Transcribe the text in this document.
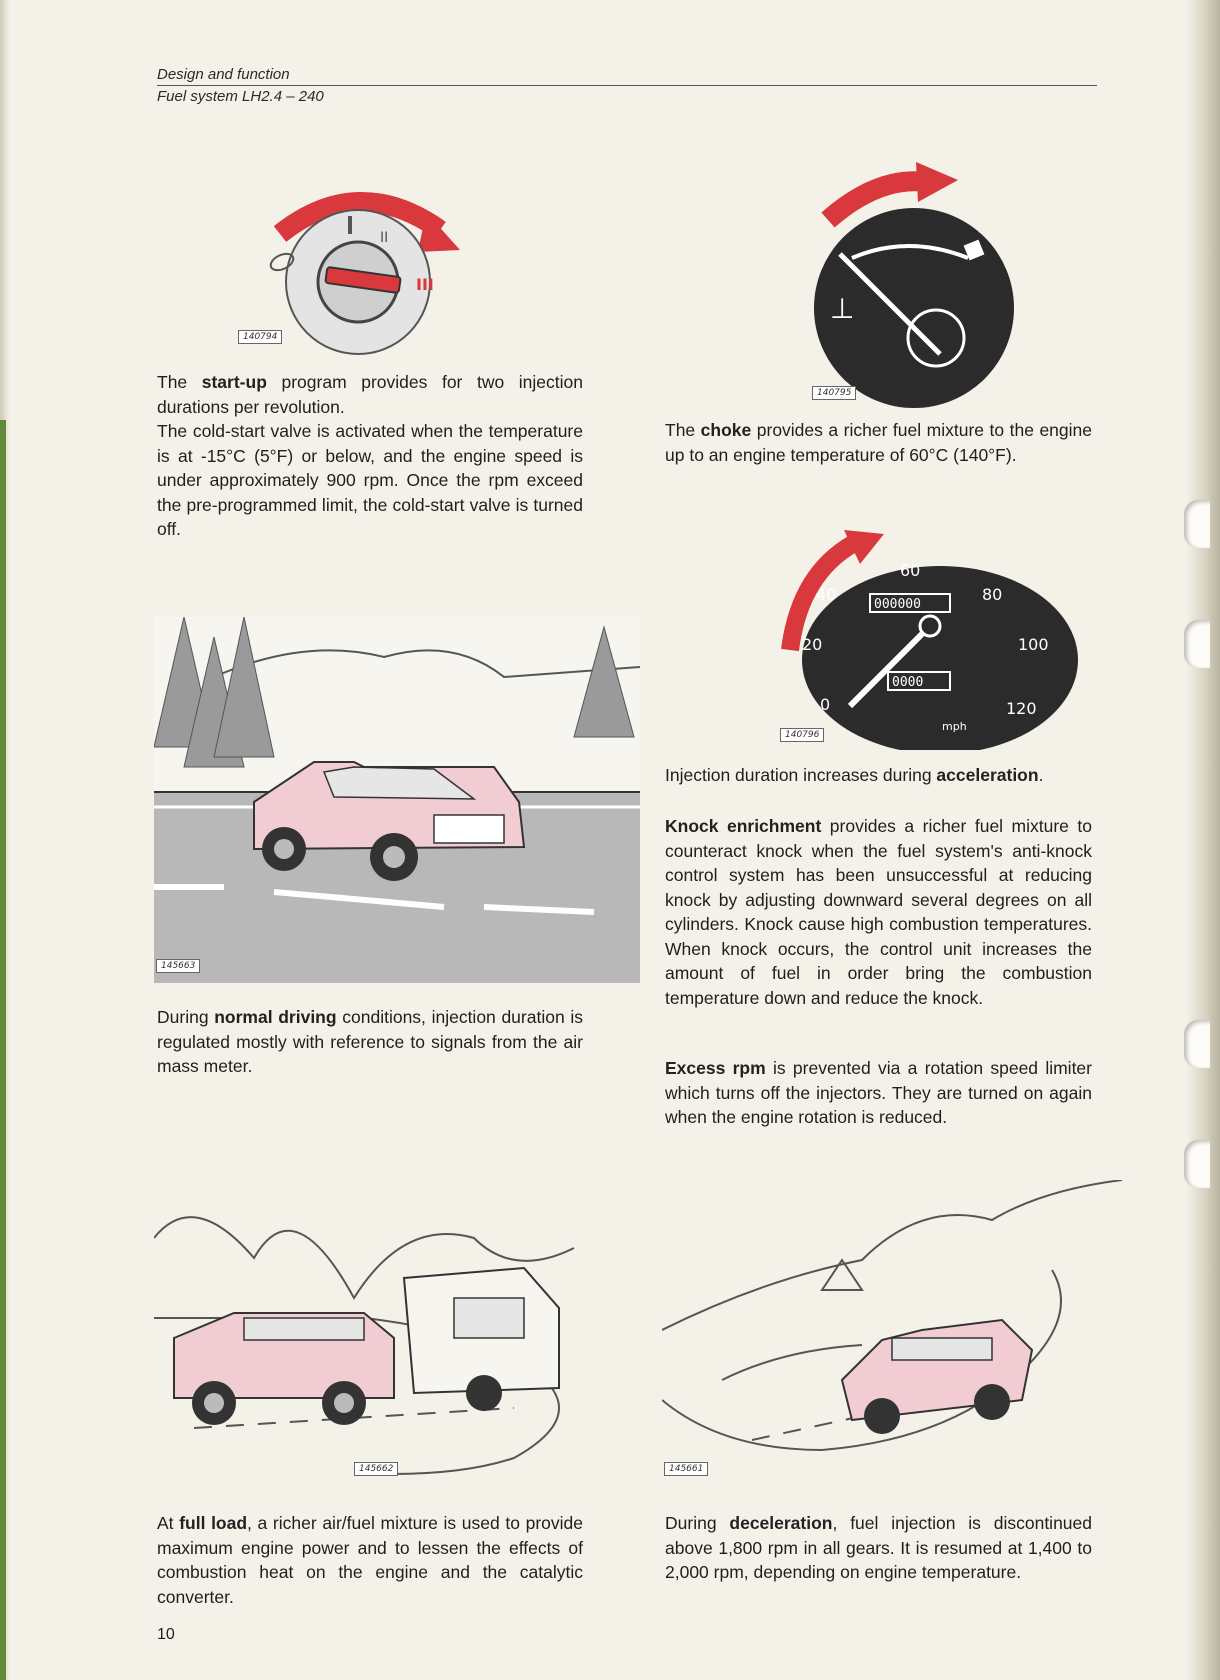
Design and function
Fuel system LH2.4 – 240
II
III
140794
The start-up program provides for two injection durations per revolution.
The cold-start valve is activated when the temperature is at -15°C (5°F) or below, and the engine speed is under approximately 900 rpm. Once the rpm exceed the pre-programmed limit, the cold-start valve is turned off.
⊥
140795
The choke provides a richer fuel mixture to the engine up to an engine temperature of 60°C (140°F).
000000
0000
60
40	80
20	100
0	120
mph
140796
Injection duration increases during acceleration.
Knock enrichment provides a richer fuel mixture to counteract knock when the fuel system's anti-knock control system has been unsuccessful at reducing knock by adjusting downward several degrees on all cylinders. Knock cause high combustion temperatures. When knock occurs, the control unit increases the amount of fuel in order bring the combustion temperature down and reduce the knock.
Excess rpm is prevented via a rotation speed limiter which turns off the injectors. They are turned on again when the engine rotation is reduced.
145663
During normal driving conditions, injection duration is regulated mostly with reference to signals from the air mass meter.
145662
At full load, a richer air/fuel mixture is used to provide maximum engine power and to lessen the effects of combustion heat on the engine and the catalytic converter.
145661
During deceleration, fuel injection is discontinued above 1,800 rpm in all gears. It is resumed at 1,400 to 2,000 rpm, depending on engine temperature.
10
